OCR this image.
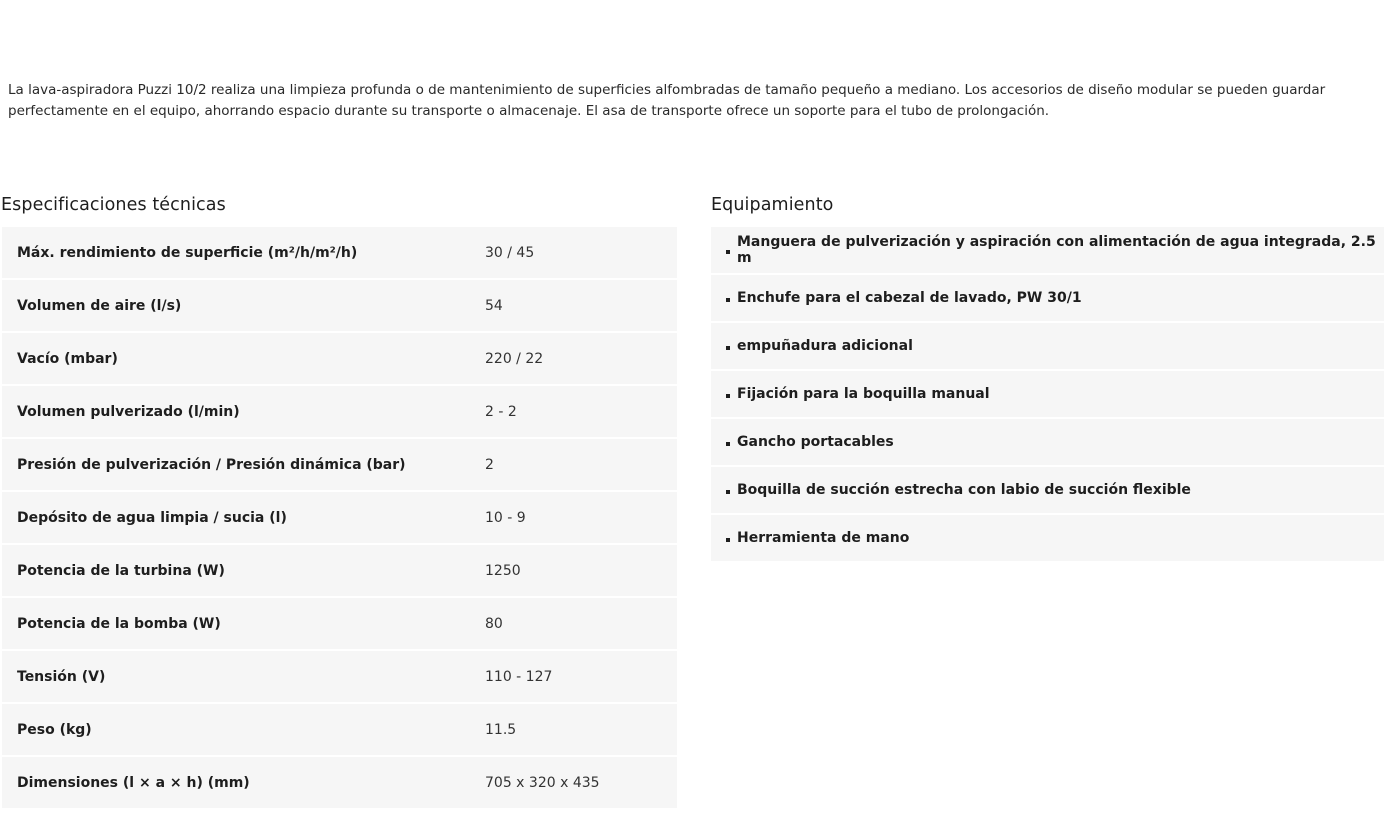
La lava-aspiradora Puzzi 10/2 realiza una limpieza profunda o de mantenimiento de superficies alfombradas de tamaño pequeño a mediano. Los accesorios de diseño modular se pueden guardar perfectamente en el equipo, ahorrando espacio durante su transporte o almacenaje. El asa de transporte ofrece un soporte para el tubo de prolongación.

Especificaciones técnicas	Equipamiento
Máx. rendimiento de superficie (m²/h/m²/h)	30 / 45
Volumen de aire (l/s)	54
Vacío (mbar)	220 / 22
Volumen pulverizado (l/min)	2 - 2
Presión de pulverización / Presión dinámica (bar)	2
Depósito de agua limpia / sucia (l)	10 - 9
Potencia de la turbina (W)	1250
Potencia de la bomba (W)	80
Tensión (V)	110 - 127
Peso (kg)	11.5
Dimensiones (l × a × h) (mm)	705 x 320 x 435
Manguera de pulverización y aspiración con alimentación de agua integrada, 2.5 m
Enchufe para el cabezal de lavado, PW 30/1
empuñadura adicional
Fijación para la boquilla manual
Gancho portacables
Boquilla de succión estrecha con labio de succión flexible
Herramienta de mano
